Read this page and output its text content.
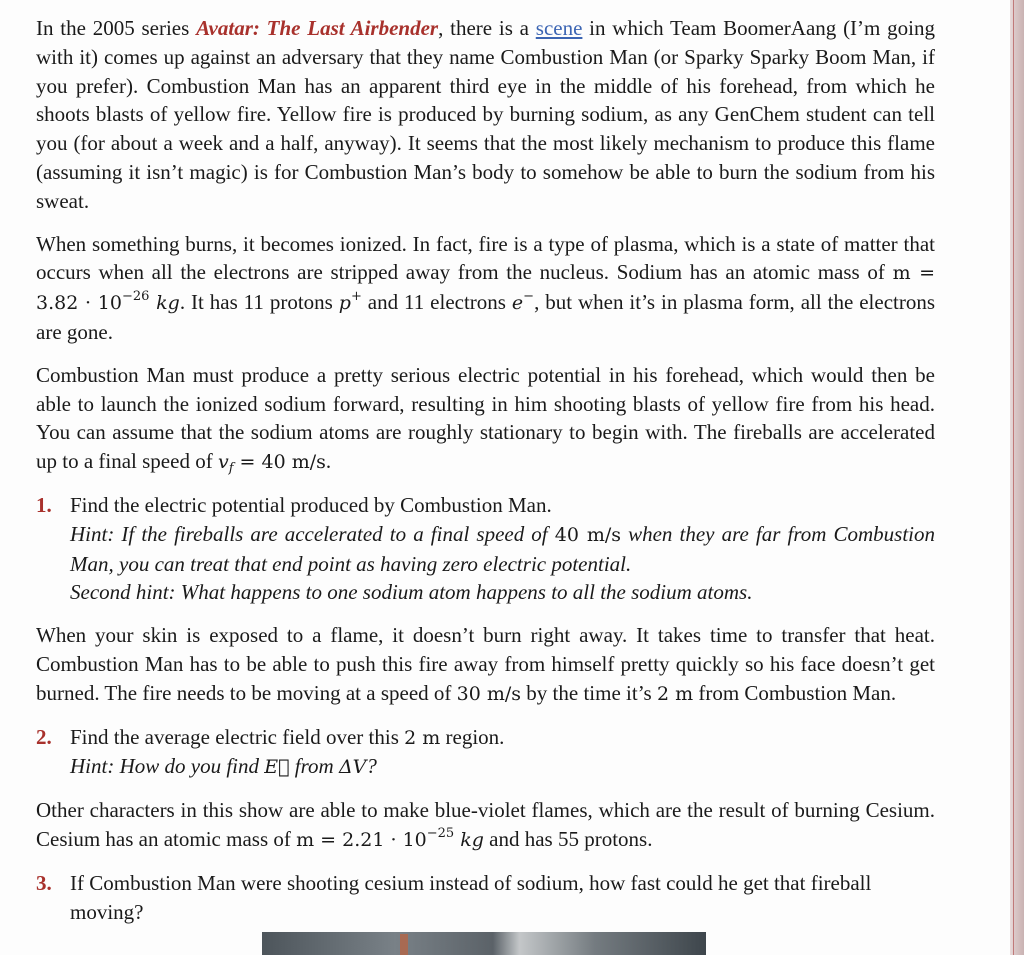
In the 2005 series Avatar: The Last Airbender, there is a scene in which Team BoomerAang (I’m going with it) comes up against an adversary that they name Combustion Man (or Sparky Sparky Boom Man, if you prefer). Combustion Man has an apparent third eye in the middle of his forehead, from which he shoots blasts of yellow fire. Yellow fire is produced by burning sodium, as any GenChem student can tell you (for about a week and a half, anyway). It seems that the most likely mechanism to produce this flame (assuming it isn’t magic) is for Combustion Man’s body to somehow be able to burn the sodium from his sweat.

When something burns, it becomes ionized. In fact, fire is a type of plasma, which is a state of matter that occurs when all the electrons are stripped away from the nucleus. Sodium has an atomic mass of $m = 3.82 \cdot 10^{-26}$ kg. It has 11 protons p+ and 11 electrons e−, but when it’s in plasma form, all the electrons are gone.

Combustion Man must produce a pretty serious electric potential in his forehead, which would then be able to launch the ionized sodium forward, resulting in him shooting blasts of yellow fire from his head. You can assume that the sodium atoms are roughly stationary to begin with. The fireballs are accelerated up to a final speed of $v_f = 40$ m/s.

1. Find the electric potential produced by Combustion Man.
Hint: If the fireballs are accelerated to a final speed of 40 m/s when they are far from Combustion Man, you can treat that end point as having zero electric potential.
Second hint: What happens to one sodium atom happens to all the sodium atoms.

When your skin is exposed to a flame, it doesn’t burn right away. It takes time to transfer that heat. Combustion Man has to be able to push this fire away from himself pretty quickly so his face doesn’t get burned. The fire needs to be moving at a speed of 30 m/s by the time it’s 2 m from Combustion Man.

2. Find the average electric field over this 2 m region.
Hint: How do you find E⃗ from ΔV?

Other characters in this show are able to make blue-violet flames, which are the result of burning Cesium. Cesium has an atomic mass of $m = 2.21 \cdot 10^{-25}$ kg and has 55 protons.

3. If Combustion Man were shooting cesium instead of sodium, how fast could he get that fireball moving?
